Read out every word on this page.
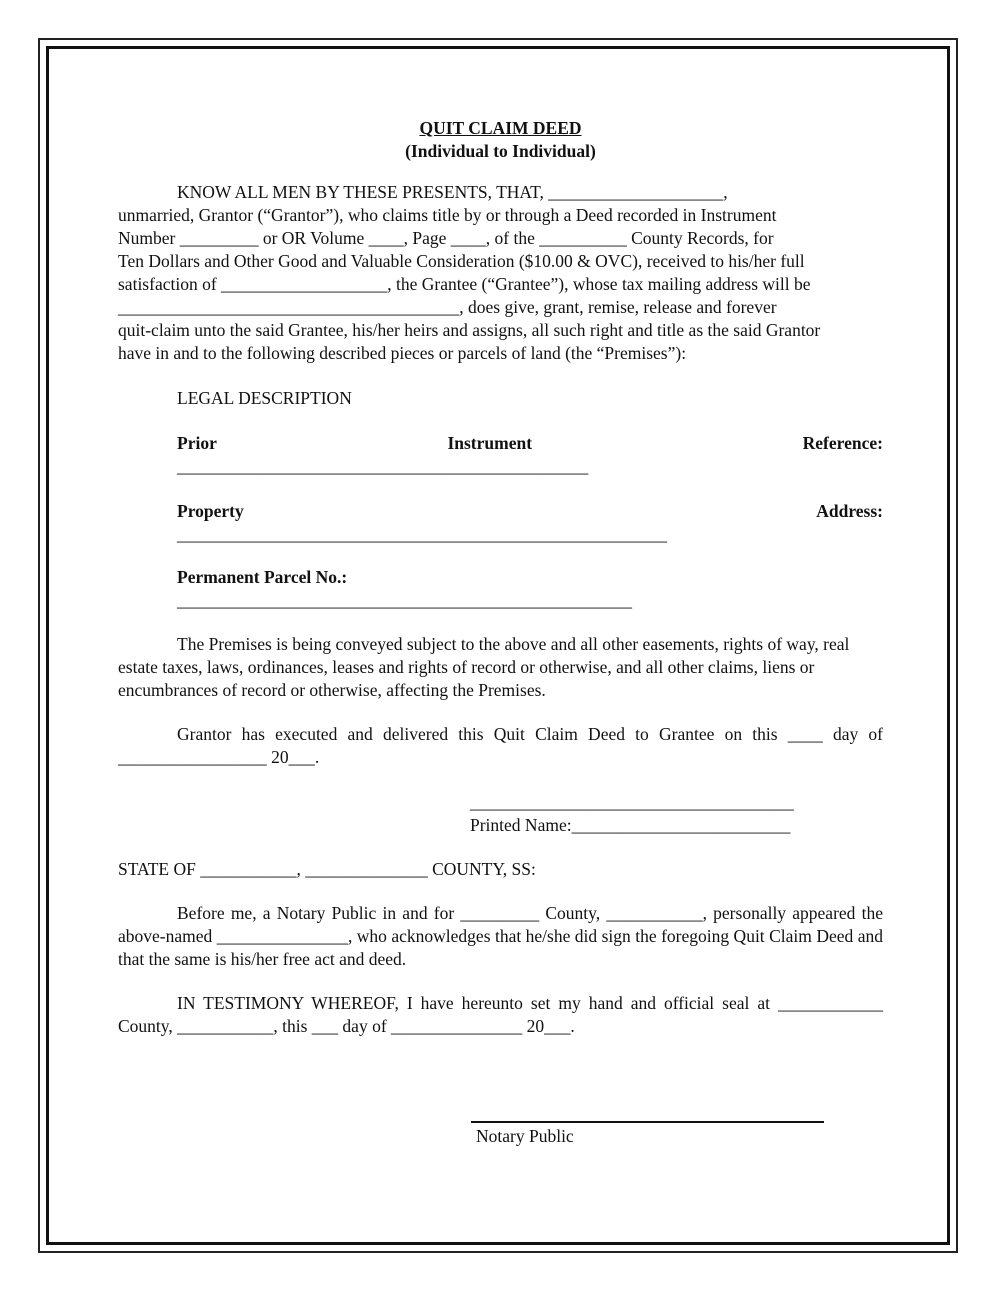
QUIT CLAIM DEED
(Individual to Individual)
KNOW ALL MEN BY THESE PRESENTS, THAT, ____________________,
unmarried, Grantor (“Grantor”), who claims title by or through a Deed recorded in Instrument
Number _________ or OR Volume ____, Page ____, of the __________ County Records, for
Ten Dollars and Other Good and Valuable Consideration ($10.00 & OVC), received to his/her full
satisfaction of ___________________, the Grantee (“Grantee”), whose tax mailing address will be
_______________________________________, does give, grant, remise, release and forever
quit-claim unto the said Grantee, his/her heirs and assigns, all such right and title as the said Grantor
have in and to the following described pieces or parcels of land (the “Premises”):
LEGAL DESCRIPTION
Prior	Instrument	Reference:
_______________________________________________
Property	Address:
________________________________________________________
Permanent Parcel No.:
____________________________________________________

The Premises is being conveyed subject to the above and all other easements, rights of way, real estate taxes, laws, ordinances, leases and rights of record or otherwise, and all other claims, liens or encumbrances of record or otherwise, affecting the Premises.

Grantor has executed and delivered this Quit Claim Deed to Grantee on this ____ day of _________________ 20___.

_____________________________________
Printed Name:_________________________
STATE OF ___________, ______________ COUNTY, SS:

Before me, a Notary Public in and for _________ County, ___________, personally appeared the above-named _______________, who acknowledges that he/she did sign the foregoing Quit Claim Deed and that the same is his/her free act and deed.

IN TESTIMONY WHEREOF, I have hereunto set my hand and official seal at ____________ County, ___________, this ___ day of _______________ 20___.

Notary Public
